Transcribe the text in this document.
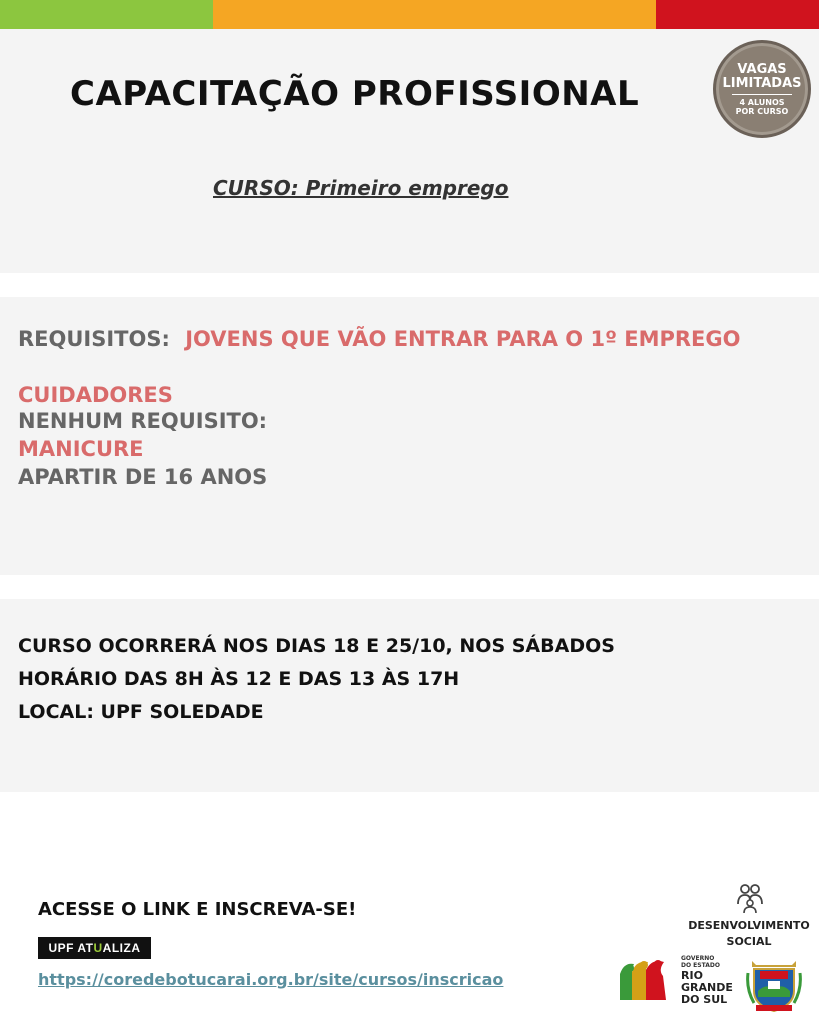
CAPACITAÇÃO PROFISSIONAL
VAGAS
LIMITADAS
4 ALUNOS
POR CURSO
CURSO: Primeiro emprego
REQUISITOS: JOVENS QUE VÃO ENTRAR PARA O 1º EMPREGO
CUIDADORES
NENHUM REQUISITO:
MANICURE
APARTIR DE 16 ANOS
CURSO OCORRERÁ NOS DIAS 18 E 25/10, NOS SÁBADOS
HORÁRIO DAS 8H ÀS 12 E DAS 13 ÀS 17H
LOCAL: UPF SOLEDADE
ACESSE O LINK E INSCREVA-SE!
UPF AT U ALIZA
https://coredebotucarai.org.br/site/cursos/inscricao
DESENVOLVIMENTO
SOCIAL
GOVERNO
DO ESTADO
RIO
GRANDE
DO SUL
